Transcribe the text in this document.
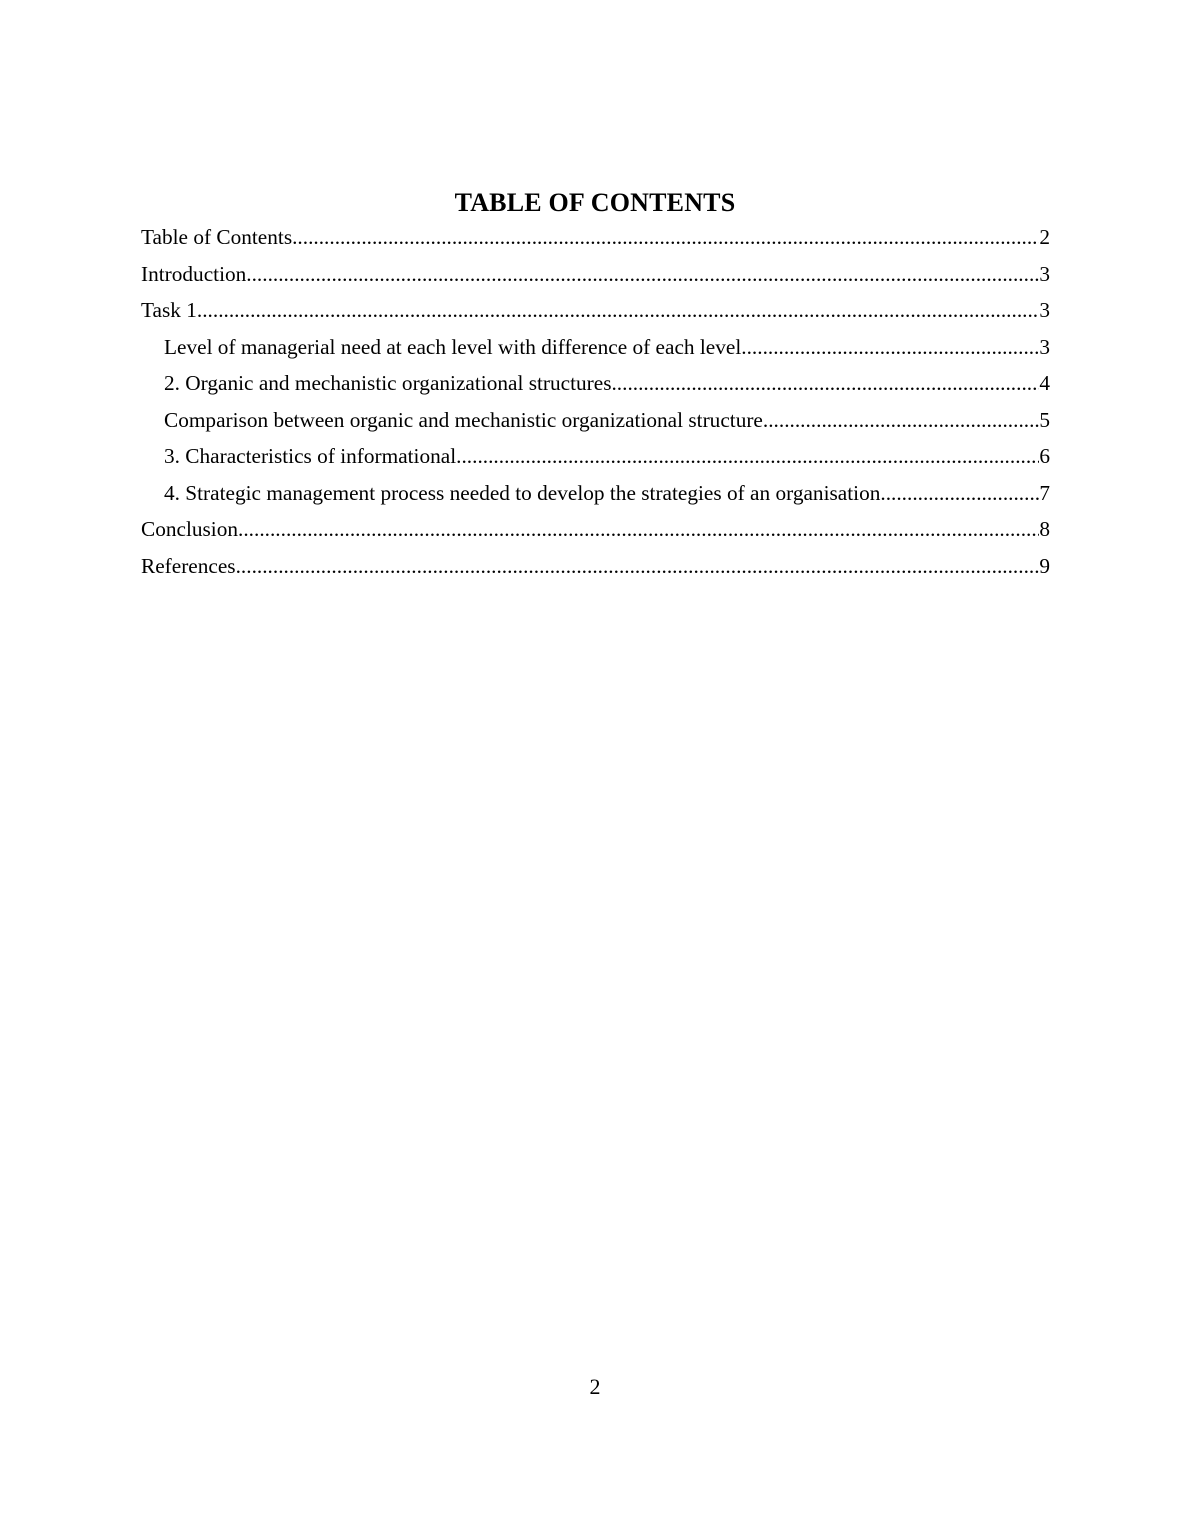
TABLE OF CONTENTS
Table of Contents .....	2
Introduction .....	3
Task 1 .....	3
Level of managerial need at each level with difference of each level .....	3
2. Organic and mechanistic organizational structures .....	4
Comparison between organic and mechanistic organizational structure .....	5
3. Characteristics of informational .....	6
4. Strategic management process needed to develop the strategies of an organisation .....	7
Conclusion .....	8
References .....	9
2
